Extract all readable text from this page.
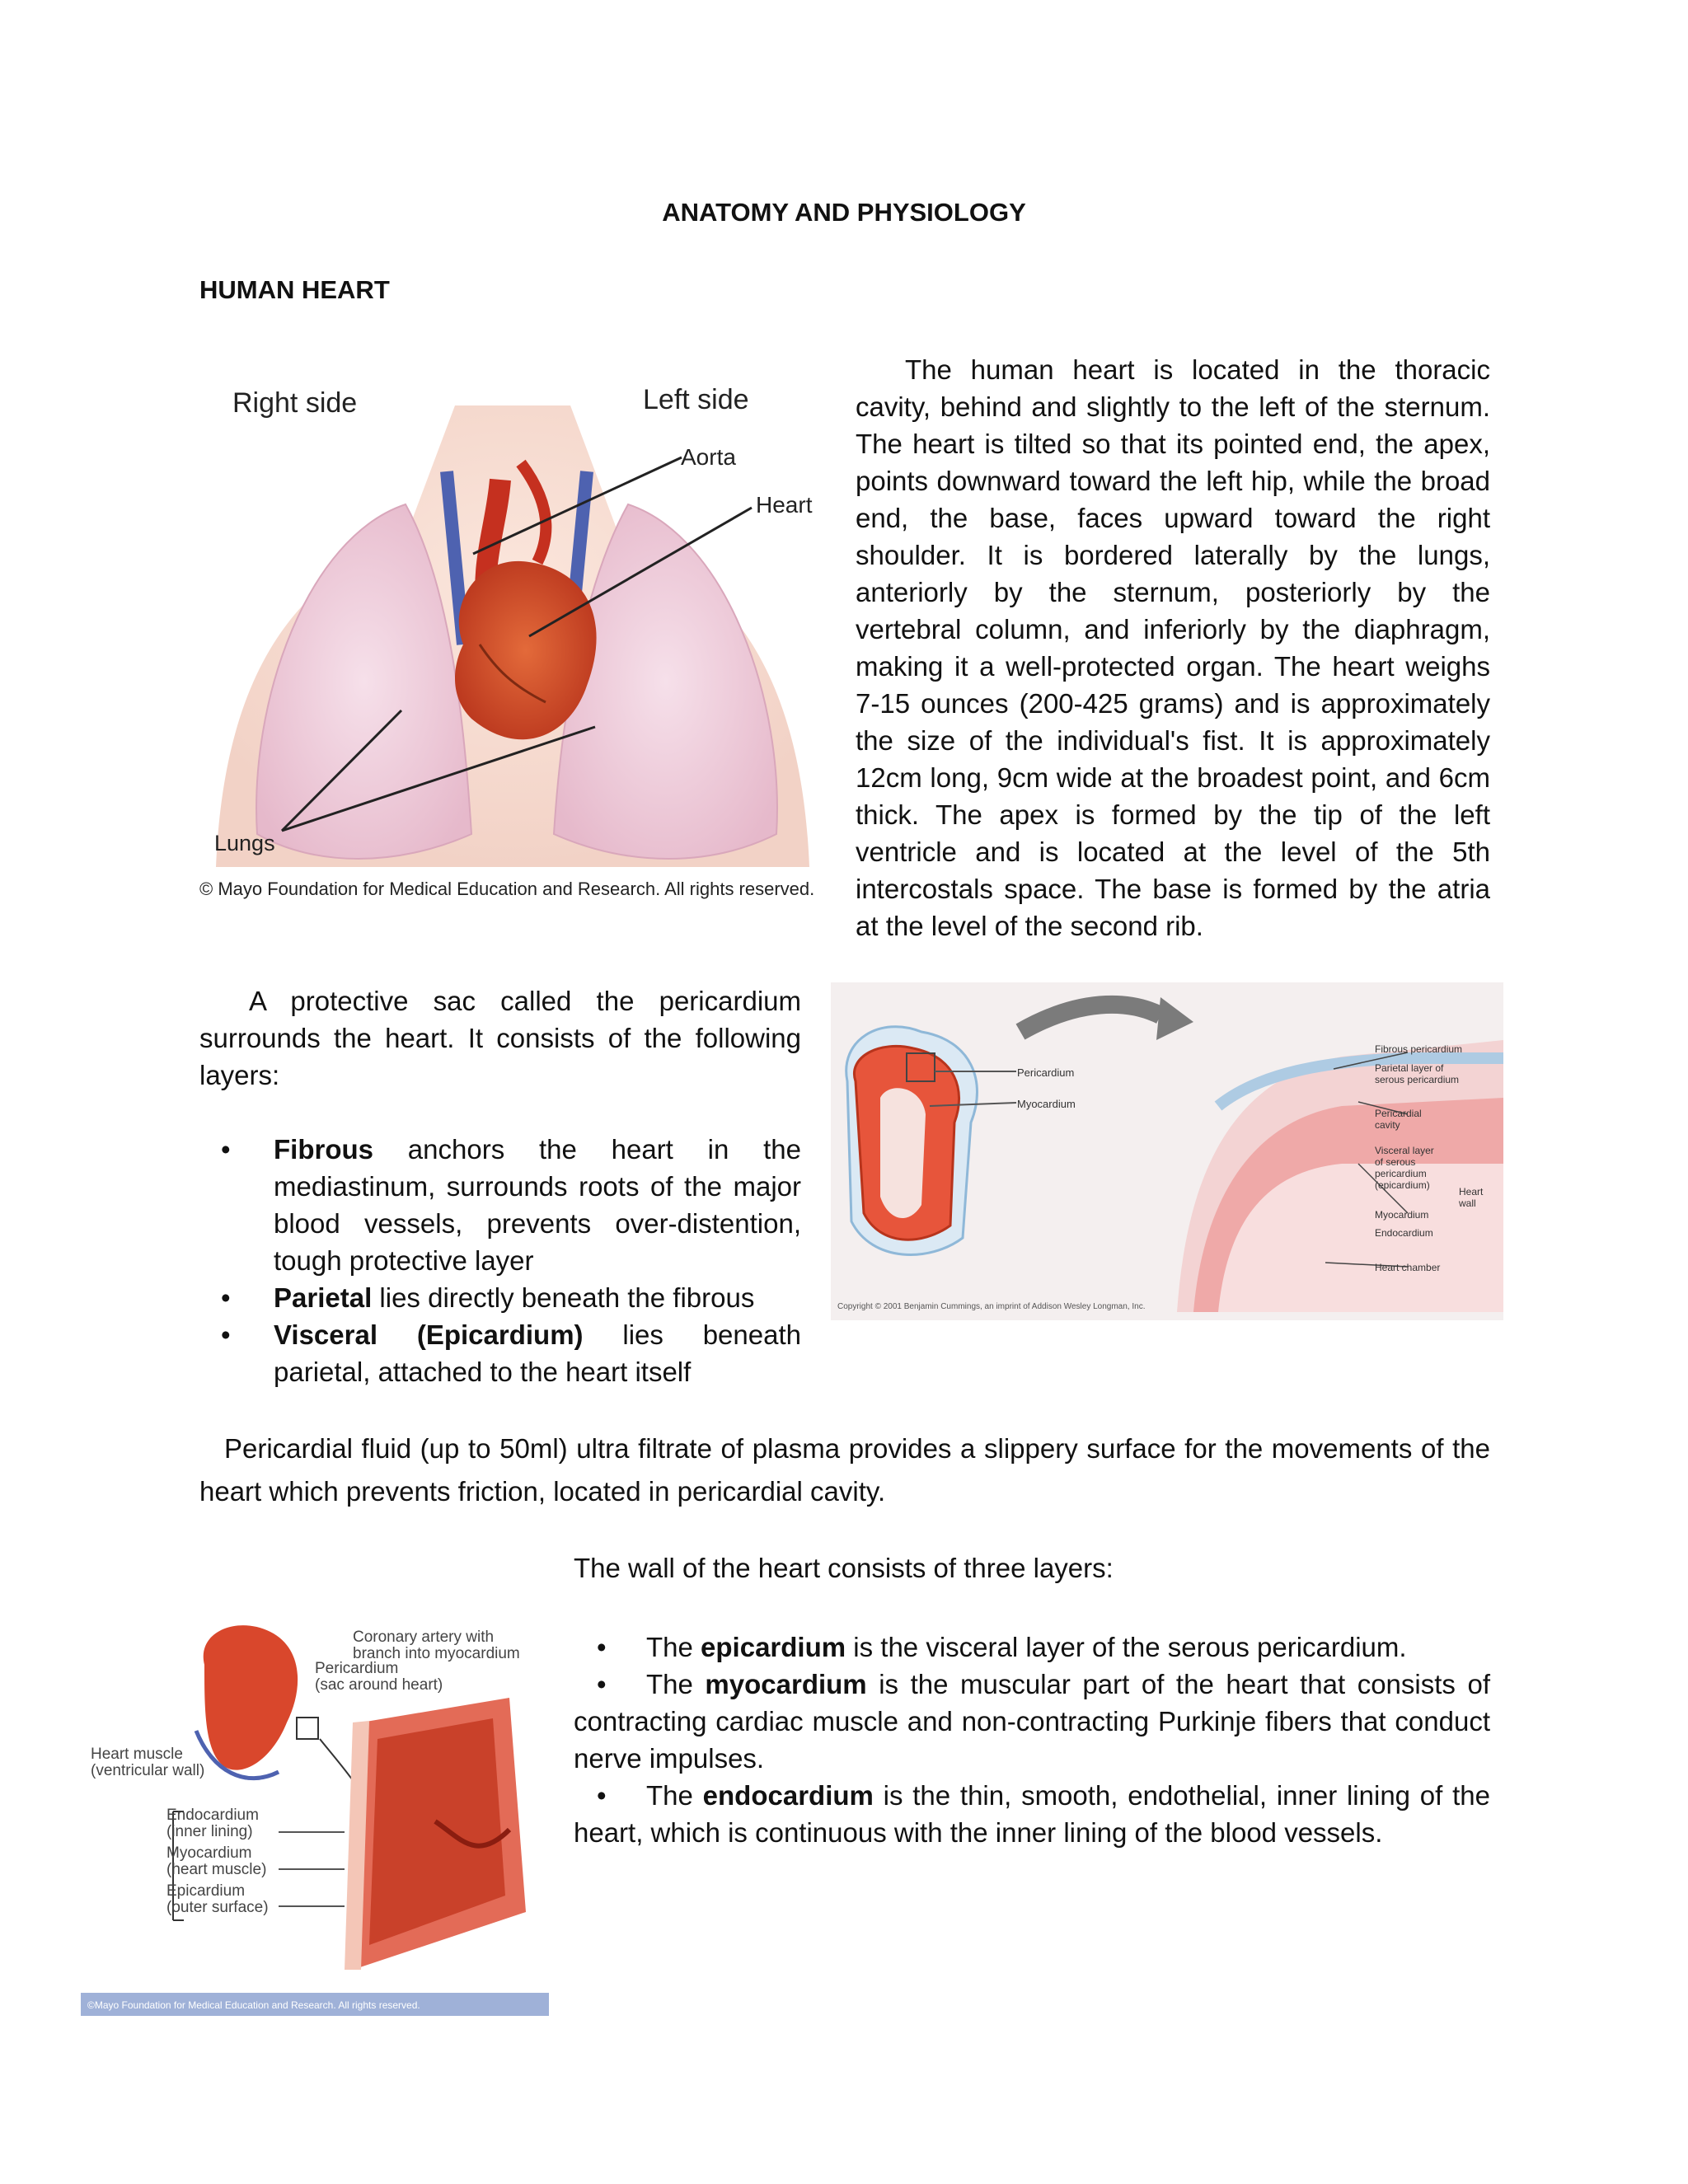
ANATOMY AND PHYSIOLOGY
HUMAN HEART
Right side	Left side
Aorta
Heart
Lungs
© Mayo Foundation for Medical Education and Research. All rights reserved.
The human heart is located in the thoracic cavity, behind and slightly to the left of the sternum. The heart is tilted so that its pointed end, the apex, points downward toward the left hip, while the broad end, the base, faces upward toward the right shoulder. It is bordered laterally by the lungs, anteriorly by the sternum, posteriorly by the vertebral column, and inferiorly by the diaphragm, making it a well-protected organ. The heart weighs 7-15 ounces (200-425 grams) and is approximately the size of the individual's fist. It is approximately 12cm long, 9cm wide at the broadest point, and 6cm thick. The apex is formed by the tip of the left ventricle and is located at the level of the 5th intercostals space. The base is formed by the atria at the level of the second rib.
A protective sac called the pericardium surrounds the heart. It consists of the following layers:
• Fibrous anchors the heart in the mediastinum, surrounds roots of the major blood vessels, prevents over-distention, tough protective layer
• Parietal lies directly beneath the fibrous
• Visceral (Epicardium) lies beneath parietal, attached to the heart itself
Pericardium
Myocardium
Fibrous pericardium
Parietal layer of
serous pericardium
Pericardial
cavity
Visceral layer
of serous
pericardium
(epicardium)
Myocardium
Endocardium
Heart
wall
Heart chamber
Copyright © 2001 Benjamin Cummings, an imprint of Addison Wesley Longman, Inc.
Pericardial fluid (up to 50ml) ultra filtrate of plasma provides a slippery surface for the movements of the heart which prevents friction, located in pericardial cavity.
The wall of the heart consists of three layers:
Coronary artery with
branch into myocardium
Pericardium
(sac around heart)
Heart muscle
(ventricular wall)
Endocardium
(inner lining)
Myocardium
(heart muscle)
Epicardium
(outer surface)
©Mayo Foundation for Medical Education and Research. All rights reserved.
• The epicardium is the visceral layer of the serous pericardium.
• The myocardium is the muscular part of the heart that consists of contracting cardiac muscle and non-contracting Purkinje fibers that conduct nerve impulses.
• The endocardium is the thin, smooth, endothelial, inner lining of the heart, which is continuous with the inner lining of the blood vessels.
